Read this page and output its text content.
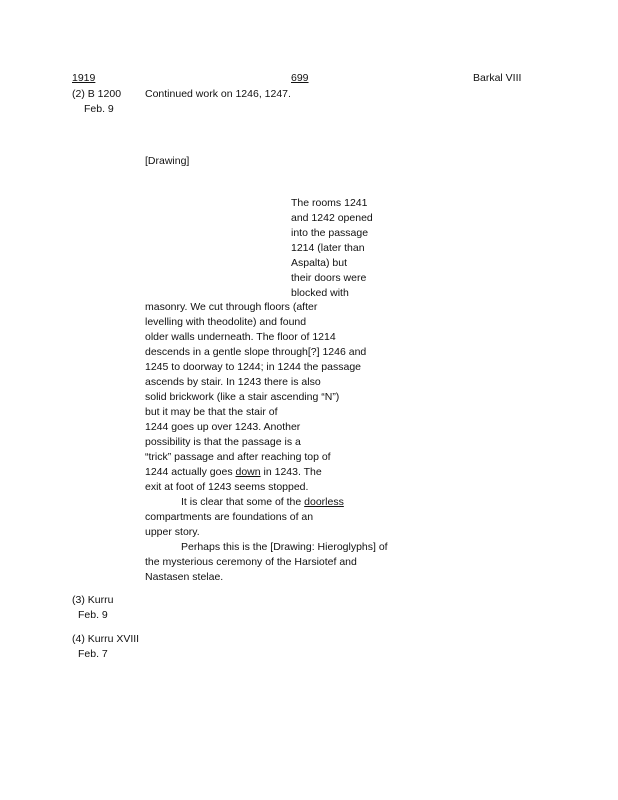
1919	699	Barkal VIII
(2) B 1200
Feb. 9
Continued work on 1246, 1247.
[Drawing]
The rooms 1241
and 1242 opened
into the passage
1214 (later than
Aspalta) but
their doors were
blocked with
masonry. We cut through floors (after
levelling with theodolite) and found
older walls underneath. The floor of 1214
descends in a gentle slope through[?] 1246 and
1245 to doorway to 1244; in 1244 the passage
ascends by stair. In 1243 there is also
solid brickwork (like a stair ascending “N”)
but it may be that the stair of
1244 goes up over 1243. Another
possibility is that the passage is a
“trick” passage and after reaching top of
1244 actually goes down in 1243. The
exit at foot of 1243 seems stopped.
It is clear that some of the doorless
compartments are foundations of an
upper story.
Perhaps this is the [Drawing: Hieroglyphs] of
the mysterious ceremony of the Harsiotef and
Nastasen stelae.
(3) Kurru
Feb. 9
(4) Kurru XVIII
Feb. 7
